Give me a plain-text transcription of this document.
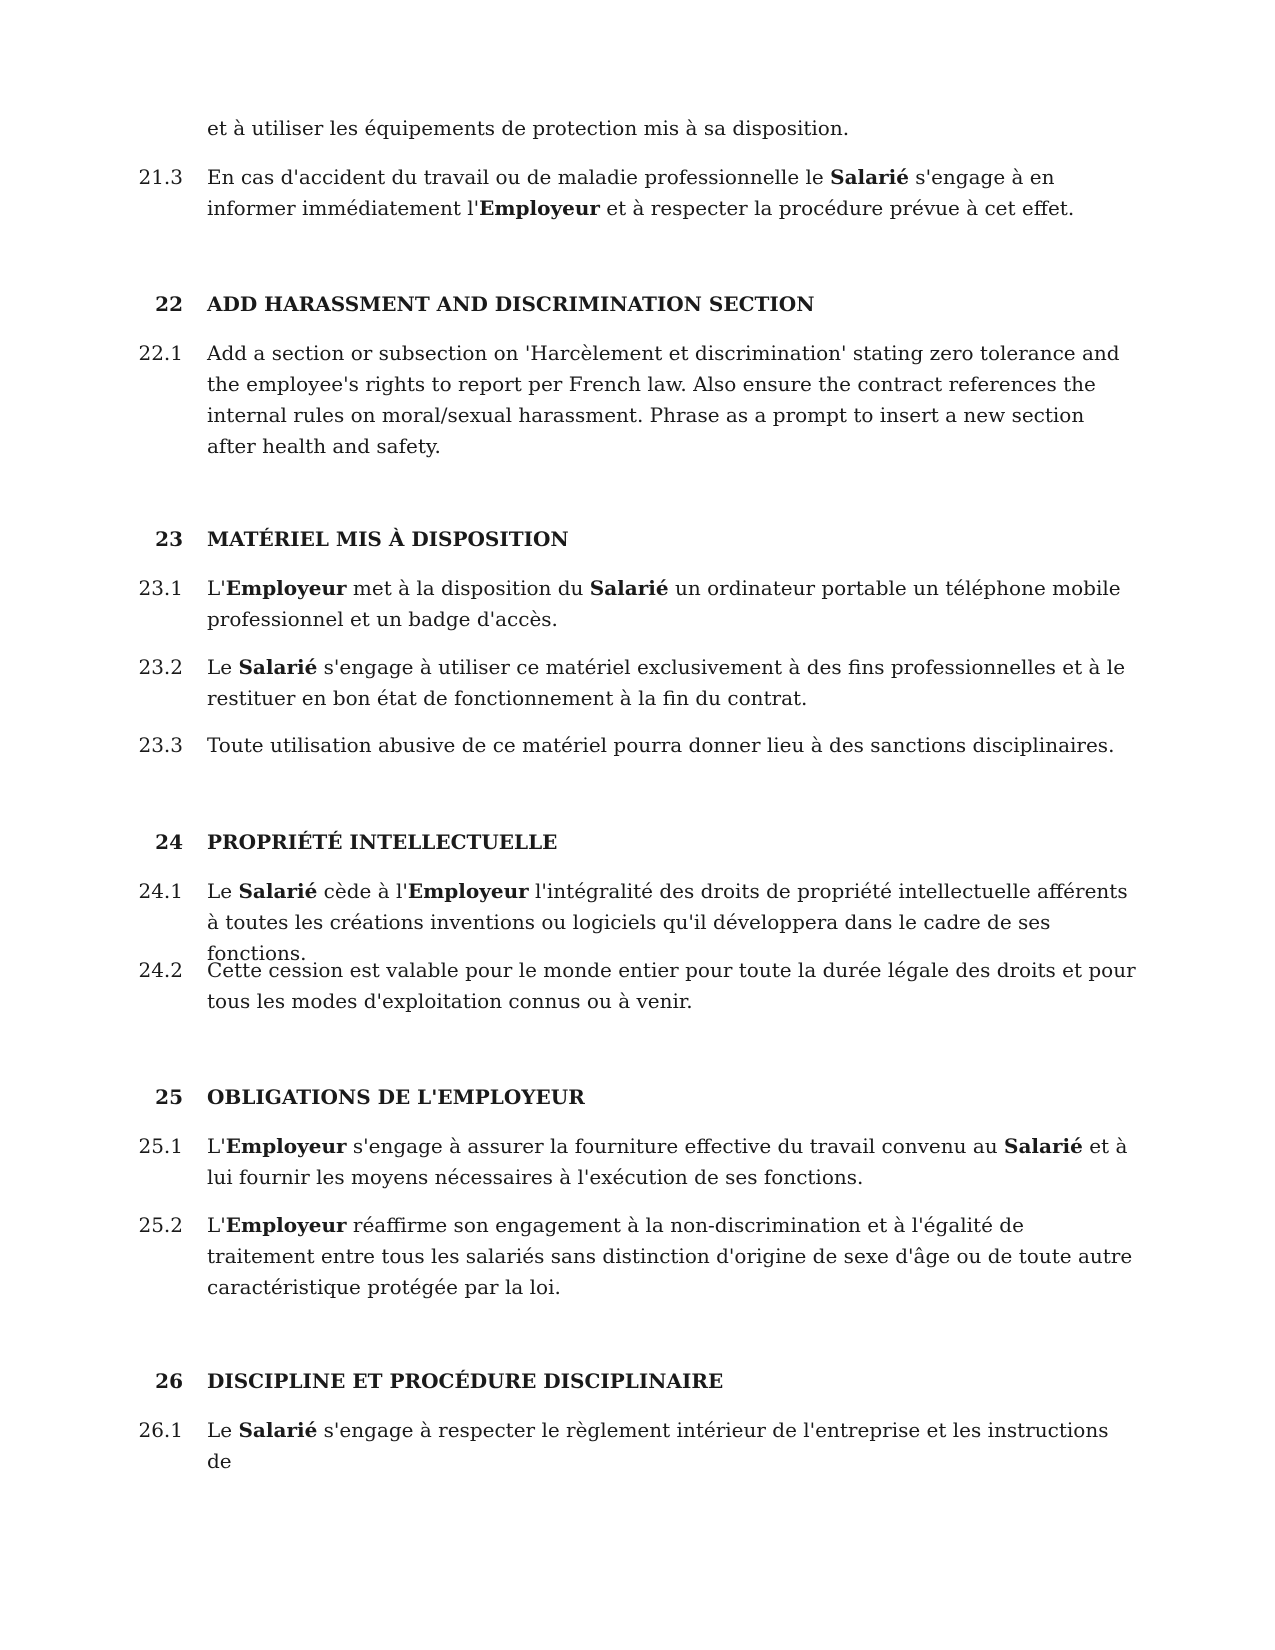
et à utiliser les équipements de protection mis à sa disposition.
21.3 En cas d'accident du travail ou de maladie professionnelle le Salarié s'engage à en informer immédiatement l'Employeur et à respecter la procédure prévue à cet effet.
22 ADD HARASSMENT AND DISCRIMINATION SECTION
22.1 Add a section or subsection on 'Harcèlement et discrimination' stating zero tolerance and the employee's rights to report per French law. Also ensure the contract references the internal rules on moral/sexual harassment. Phrase as a prompt to insert a new section after health and safety.
23 MATÉRIEL MIS À DISPOSITION
23.1 L'Employeur met à la disposition du Salarié un ordinateur portable un téléphone mobile professionnel et un badge d'accès.
23.2 Le Salarié s'engage à utiliser ce matériel exclusivement à des fins professionnelles et à le restituer en bon état de fonctionnement à la fin du contrat.
23.3 Toute utilisation abusive de ce matériel pourra donner lieu à des sanctions disciplinaires.
24 PROPRIÉTÉ INTELLECTUELLE
24.1 Le Salarié cède à l'Employeur l'intégralité des droits de propriété intellectuelle afférents à toutes les créations inventions ou logiciels qu'il développera dans le cadre de ses fonctions.
24.2 Cette cession est valable pour le monde entier pour toute la durée légale des droits et pour tous les modes d'exploitation connus ou à venir.
25 OBLIGATIONS DE L'EMPLOYEUR
25.1 L'Employeur s'engage à assurer la fourniture effective du travail convenu au Salarié et à lui fournir les moyens nécessaires à l'exécution de ses fonctions.
25.2 L'Employeur réaffirme son engagement à la non-discrimination et à l'égalité de traitement entre tous les salariés sans distinction d'origine de sexe d'âge ou de toute autre caractéristique protégée par la loi.
26 DISCIPLINE ET PROCÉDURE DISCIPLINAIRE
26.1 Le Salarié s'engage à respecter le règlement intérieur de l'entreprise et les instructions de
